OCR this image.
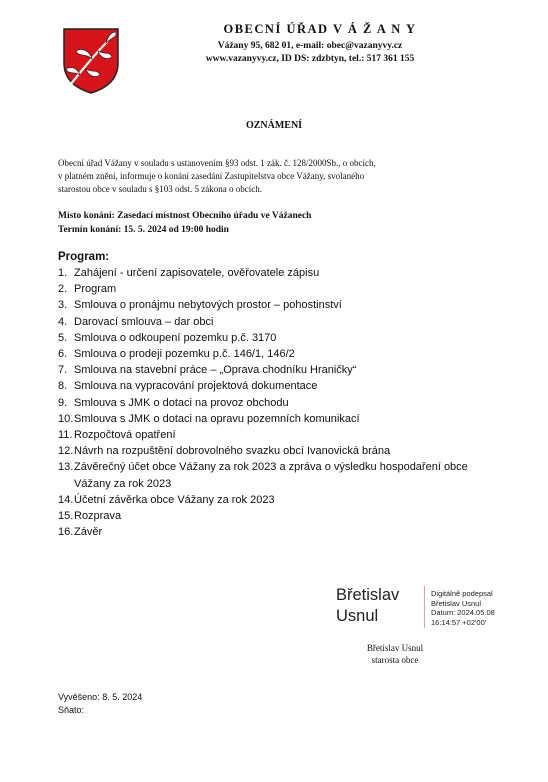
OBECNÍ ÚŘAD V Á Ž A N Y
Vážany 95, 682 01, e-mail: obec@vazanyvy.cz
www.vazanyvy.cz, ID DS: zdzbtyn, tel.: 517 361 155
OZNÁMENÍ
Obecní úřad Vážany v souladu s ustanovením §93 odst. 1 zák. č. 128/2000Sb., o obcích,
v platném znění, informuje o konání zasedání Zastupitelstva obce Vážany, svolaného
starostou obce v souladu s §103 odst. 5 zákona o obcích.
Místo konání: Zasedací místnost Obecního úřadu ve Vážanech
Termín konání: 15. 5. 2024 od 19:00 hodin
Program:
1. Zahájení - určení zapisovatele, ověřovatele zápisu
2. Program
3. Smlouva o pronájmu nebytových prostor – pohostinství
4. Darovací smlouva – dar obci
5. Smlouva o odkoupení pozemku p.č. 3170
6. Smlouva o prodeji pozemku p.č. 146/1, 146/2
7. Smlouva na stavební práce – „Oprava chodníku Hraničky“
8. Smlouva na vypracování projektová dokumentace
9. Smlouva s JMK o dotaci na provoz obchodu
10. Smlouva s JMK o dotaci na opravu pozemních komunikací
11. Rozpočtová opatření
12. Návrh na rozpuštění dobrovolného svazku obcí Ivanovická brána
13. Závěrečný účet obce Vážany za rok 2023 a zpráva o výsledku hospodaření obce Vážany za rok 2023
14. Účetní závěrka obce Vážany za rok 2023
15. Rozprava
16. Závěr
Břetislav
Usnul
Digitálně podepsal
Břetislav Usnul
Datum: 2024.05.08
16:14:57 +02'00'
Břetislav Usnul
starosta obce
Vyvěšeno: 8. 5. 2024
Sňato:
